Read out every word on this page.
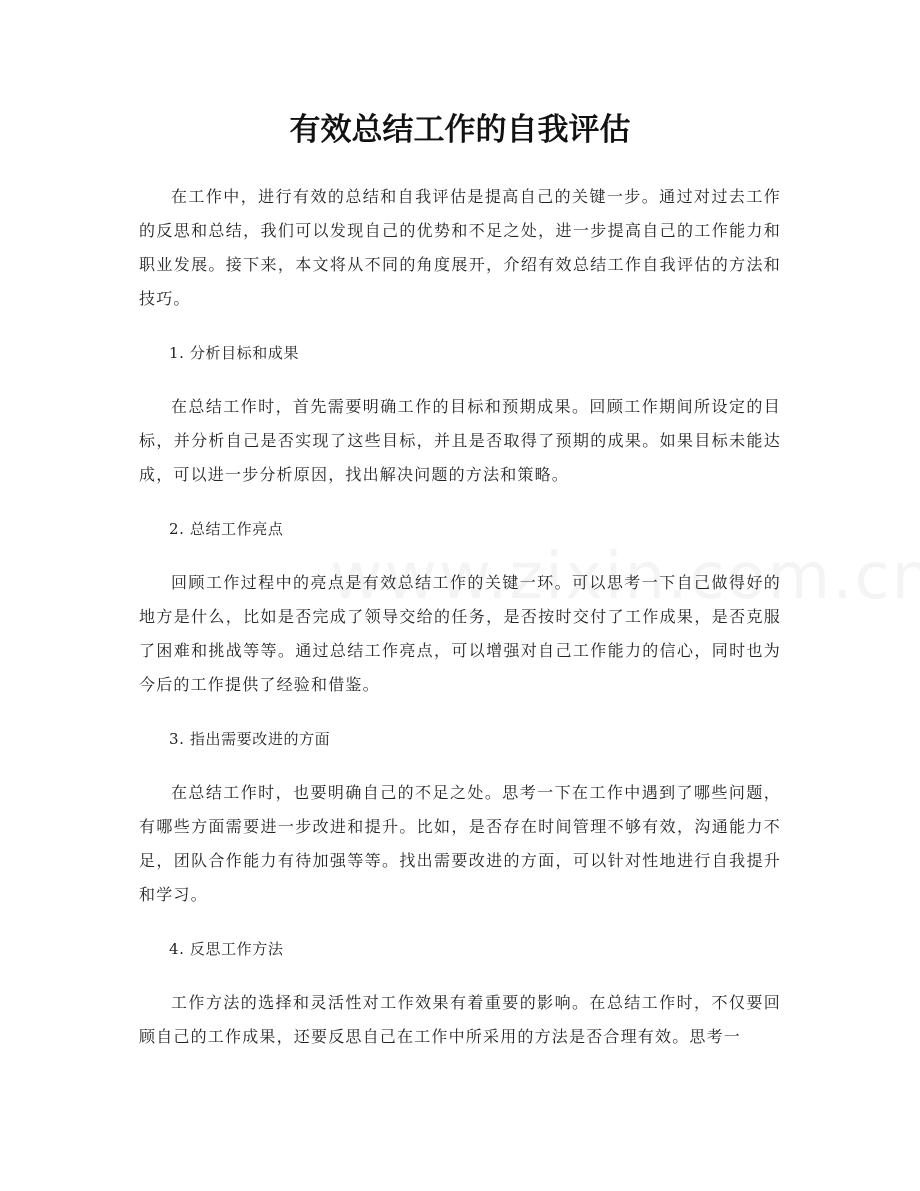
有效总结工作的自我评估

在工作中，进行有效的总结和自我评估是提高自己的关键一步。通过对过去工作的反思和总结，我们可以发现自己的优势和不足之处，进一步提高自己的工作能力和职业发展。接下来，本文将从不同的角度展开，介绍有效总结工作自我评估的方法和技巧。

1. 分析目标和成果

在总结工作时，首先需要明确工作的目标和预期成果。回顾工作期间所设定的目标，并分析自己是否实现了这些目标，并且是否取得了预期的成果。如果目标未能达成，可以进一步分析原因，找出解决问题的方法和策略。

2. 总结工作亮点

回顾工作过程中的亮点是有效总结工作的关键一环。可以思考一下自己做得好的地方是什么，比如是否完成了领导交给的任务，是否按时交付了工作成果，是否克服了困难和挑战等等。通过总结工作亮点，可以增强对自己工作能力的信心，同时也为今后的工作提供了经验和借鉴。

3. 指出需要改进的方面

在总结工作时，也要明确自己的不足之处。思考一下在工作中遇到了哪些问题，有哪些方面需要进一步改进和提升。比如，是否存在时间管理不够有效，沟通能力不足，团队合作能力有待加强等等。找出需要改进的方面，可以针对性地进行自我提升和学习。

4. 反思工作方法

工作方法的选择和灵活性对工作效果有着重要的影响。在总结工作时，不仅要回顾自己的工作成果，还要反思自己在工作中所采用的方法是否合理有效。思考一
